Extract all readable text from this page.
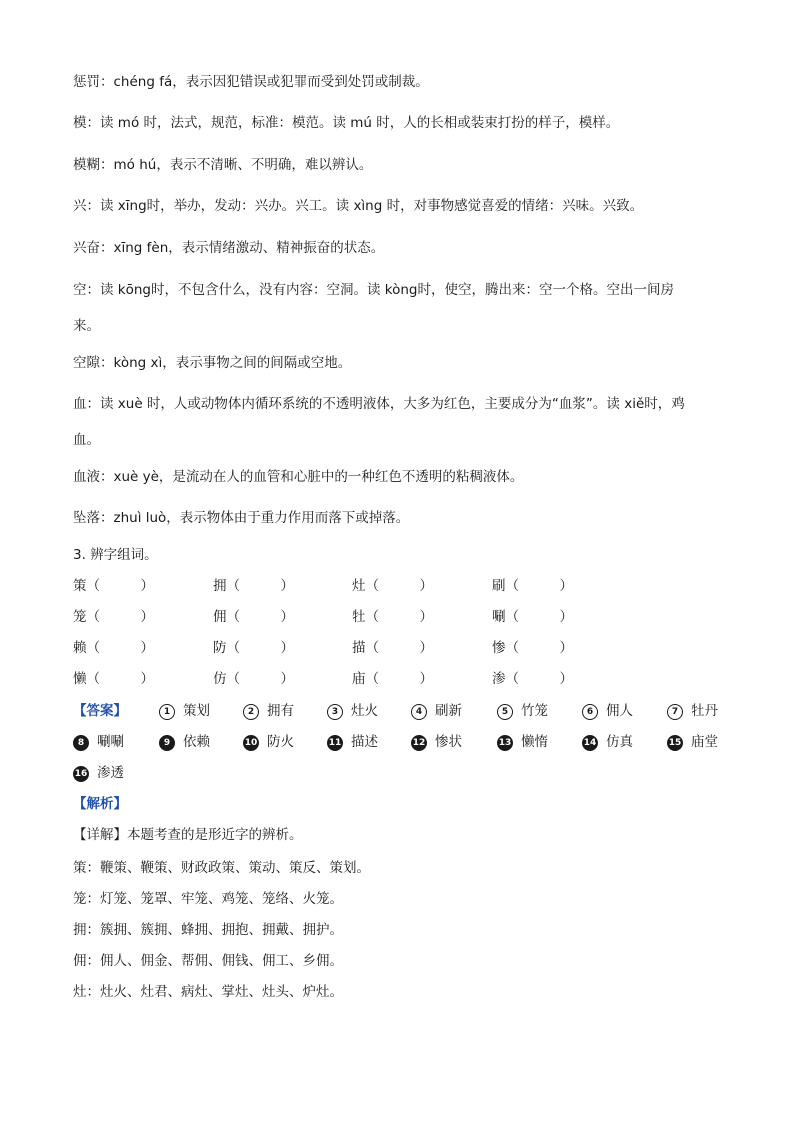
惩罚：chéng fá，表示因犯错误或犯罪而受到处罚或制裁。
模：读 mó 时，法式，规范，标准：模范。读 mú 时，人的长相或装束打扮的样子，模样。
模糊：mó hú，表示不清晰、不明确，难以辨认。
兴：读 xīng时，举办，发动：兴办。兴工。读 xìng 时，对事物感觉喜爱的情绪：兴味。兴致。
兴奋：xīng fèn，表示情绪激动、精神振奋的状态。
空：读 kōng时，不包含什么，没有内容：空洞。读 kòng时，使空，腾出来：空一个格。空出一间房
来。
空隙：kòng xì，表示事物之间的间隔或空地。
血：读 xuè 时，人或动物体内循环系统的不透明液体，大多为红色，主要成分为“血浆”。读 xiě时，鸡
血。
血液：xuè yè，是流动在人的血管和心脏中的一种红色不透明的粘稠液体。
坠落：zhuì luò，表示物体由于重力作用而落下或掉落。
3. 辨字组词。
策（　　　）	拥（　　　）	灶（　　　）	刷（　　　）
笼（　　　）	佣（　　　）	牡（　　　）	唰（　　　）
赖（　　　）	防（　　　）	描（　　　）	惨（　　　）
懒（　　　）	仿（　　　）	庙（　　　）	渗（　　　）
【答案】	1 策划	2 拥有	3 灶火	4 刷新	5 竹笼	6 佣人	7 牡丹
8 唰唰	9 依赖	10 防火	11 描述	12 惨状	13 懒惰	14 仿真	15 庙堂
16 渗透
【解析】
【详解】本题考查的是形近字的辨析。
策：鞭策、鞭策、财政政策、策动、策反、策划。
笼：灯笼、笼罩、牢笼、鸡笼、笼络、火笼。
拥：簇拥、簇拥、蜂拥、拥抱、拥戴、拥护。
佣：佣人、佣金、帮佣、佣钱、佣工、乡佣。
灶：灶火、灶君、病灶、掌灶、灶头、炉灶。
